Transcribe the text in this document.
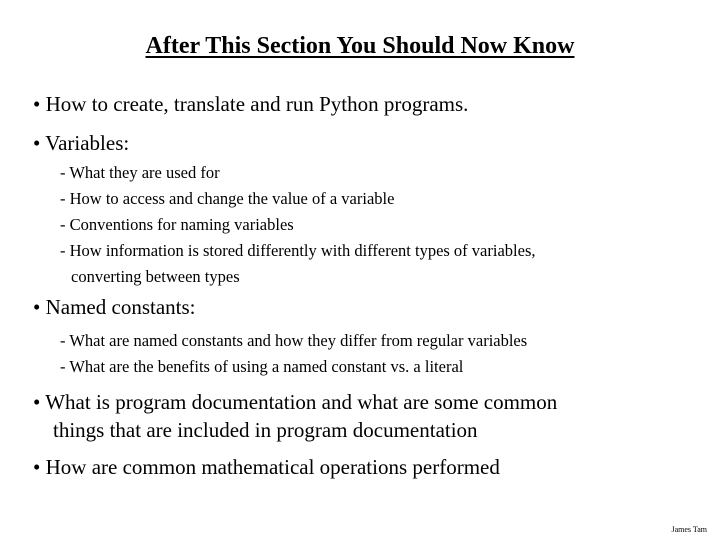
After This Section You Should Now Know
• How to create, translate and run Python programs.
• Variables:
- What they are used for
- How to access and change the value of a variable
- Conventions for naming variables
- How information is stored differently with different types of variables,
converting between types
• Named constants:
- What are named constants and how they differ from regular variables
- What are the benefits of using a named constant vs. a literal
• What is program documentation and what are some common
things that are included in program documentation
• How are common mathematical operations performed
James Tam
